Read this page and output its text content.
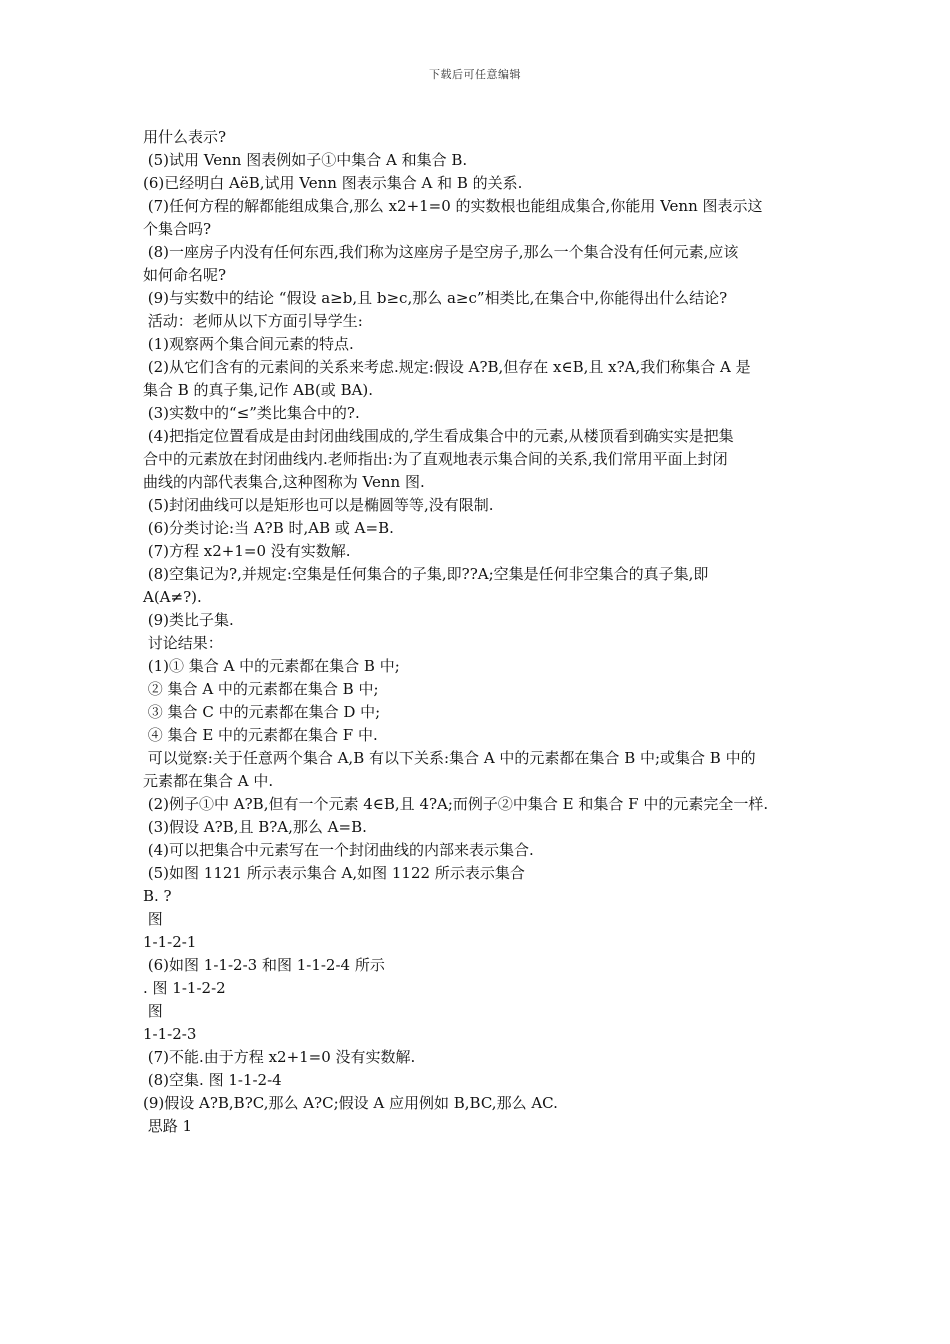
下载后可任意编辑

用什么表示?

(5)试用 Venn 图表例如子①中集合 A 和集合 B.

(6)已经明白 AëB,试用 Venn 图表示集合 A 和 B 的关系.

(7)任何方程的解都能组成集合,那么 x2+1=0 的实数根也能组成集合,你能用 Venn 图表示这

个集合吗?

(8)一座房子内没有任何东西,我们称为这座房子是空房子,那么一个集合没有任何元素,应该

如何命名呢?

(9)与实数中的结论 “假设 a≥b,且 b≥c,那么 a≥c”相类比,在集合中,你能得出什么结论?

活动：老师从以下方面引导学生:

(1)观察两个集合间元素的特点.

(2)从它们含有的元素间的关系来考虑.规定:假设 A?B,但存在 x∈B,且 x?A,我们称集合 A 是

集合 B 的真子集,记作 AB(或 BA).

(3)实数中的“≤”类比集合中的?.

(4)把指定位置看成是由封闭曲线围成的,学生看成集合中的元素,从楼顶看到确实实是把集

合中的元素放在封闭曲线内.老师指出:为了直观地表示集合间的关系,我们常用平面上封闭

曲线的内部代表集合,这种图称为 Venn 图.

(5)封闭曲线可以是矩形也可以是椭圆等等,没有限制.

(6)分类讨论:当 A?B 时,AB 或 A=B.

(7)方程 x2+1=0 没有实数解.

(8)空集记为?,并规定:空集是任何集合的子集,即??A;空集是任何非空集合的真子集,即

A(A≠?).

(9)类比子集.

讨论结果：

(1)① 集合 A 中的元素都在集合 B 中;

② 集合 A 中的元素都在集合 B 中;

③ 集合 C 中的元素都在集合 D 中;

④ 集合 E 中的元素都在集合 F 中.

可以觉察:关于任意两个集合 A,B 有以下关系:集合 A 中的元素都在集合 B 中;或集合 B 中的

元素都在集合 A 中.

(2)例子①中 A?B,但有一个元素 4∈B,且 4?A;而例子②中集合 E 和集合 F 中的元素完全一样.

(3)假设 A?B,且 B?A,那么 A=B.

(4)可以把集合中元素写在一个封闭曲线的内部来表示集合.

(5)如图 1121 所示表示集合 A,如图 1122 所示表示集合

B. ?

图

1-1-2-1

(6)如图 1-1-2-3 和图 1-1-2-4 所示

. 图 1-1-2-2

图

1-1-2-3

(7)不能.由于方程 x2+1=0 没有实数解.

(8)空集. 图 1-1-2-4

(9)假设 A?B,B?C,那么 A?C;假设 A 应用例如 B,BC,那么 AC.

思路 1
